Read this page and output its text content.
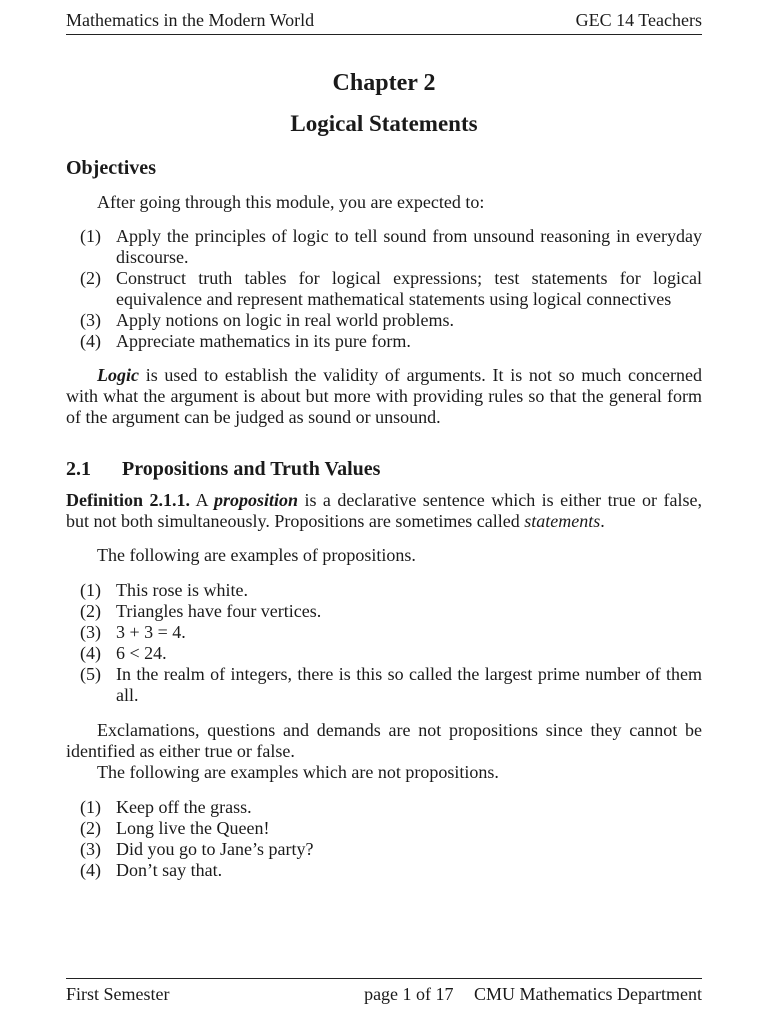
Mathematics in the Modern World	GEC 14 Teachers
Chapter 2
Logical Statements
Objectives

After going through this module, you are expected to:

(1) Apply the principles of logic to tell sound from unsound reasoning in everyday discourse.
(2) Construct truth tables for logical expressions; test statements for logical equivalence and represent mathematical statements using logical connectives
(3) Apply notions on logic in real world problems.
(4) Appreciate mathematics in its pure form.

Logic is used to establish the validity of arguments. It is not so much concerned with what the argument is about but more with providing rules so that the general form of the argument can be judged as sound or unsound.

2.1	Propositions and Truth Values

Definition 2.1.1. A proposition is a declarative sentence which is either true or false, but not both simultaneously. Propositions are sometimes called statements.

The following are examples of propositions.

(1) This rose is white.
(2) Triangles have four vertices.
(3) 3 + 3 = 4.
(4) 6 < 24.
(5) In the realm of integers, there is this so called the largest prime number of them all.

Exclamations, questions and demands are not propositions since they cannot be identified as either true or false.

The following are examples which are not propositions.

(1) Keep off the grass.
(2) Long live the Queen!
(3) Did you go to Jane’s party?
(4) Don’t say that.
First Semester	page 1 of 17 CMU Mathematics Department
